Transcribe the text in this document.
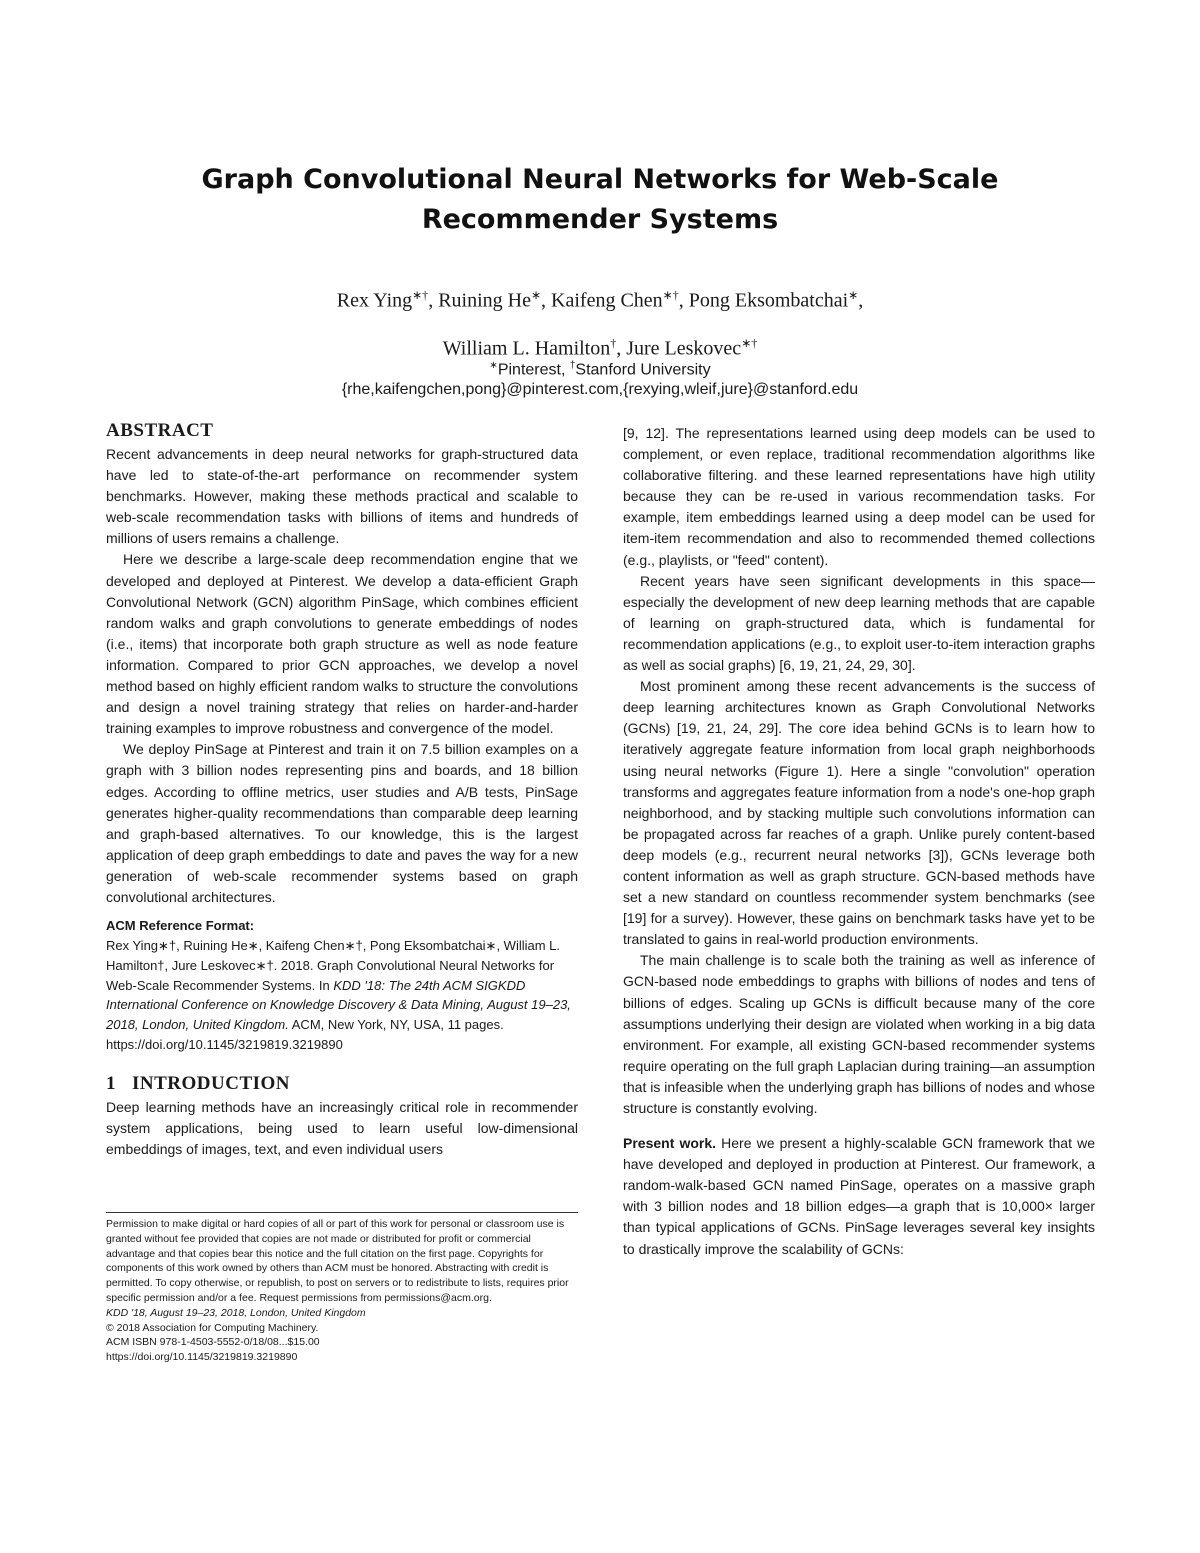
Graph Convolutional Neural Networks for Web-Scale Recommender Systems
Rex Ying∗†, Ruining He∗, Kaifeng Chen∗†, Pong Eksombatchai∗,
William L. Hamilton†, Jure Leskovec∗†
∗Pinterest, †Stanford University
{rhe,kaifengchen,pong}@pinterest.com,{rexying,wleif,jure}@stanford.edu

ABSTRACT

Recent advancements in deep neural networks for graph-structured data have led to state-of-the-art performance on recommender system benchmarks. However, making these methods practical and scalable to web-scale recommendation tasks with billions of items and hundreds of millions of users remains a challenge.

Here we describe a large-scale deep recommendation engine that we developed and deployed at Pinterest. We develop a data-efficient Graph Convolutional Network (GCN) algorithm PinSage, which combines efficient random walks and graph convolutions to generate embeddings of nodes (i.e., items) that incorporate both graph structure as well as node feature information. Compared to prior GCN approaches, we develop a novel method based on highly efficient random walks to structure the convolutions and design a novel training strategy that relies on harder-and-harder training examples to improve robustness and convergence of the model.

We deploy PinSage at Pinterest and train it on 7.5 billion examples on a graph with 3 billion nodes representing pins and boards, and 18 billion edges. According to offline metrics, user studies and A/B tests, PinSage generates higher-quality recommendations than comparable deep learning and graph-based alternatives. To our knowledge, this is the largest application of deep graph embeddings to date and paves the way for a new generation of web-scale recommender systems based on graph convolutional architectures.

ACM Reference Format:

Rex Ying∗†, Ruining He∗, Kaifeng Chen∗†, Pong Eksombatchai∗, William L. Hamilton†, Jure Leskovec∗†. 2018. Graph Convolutional Neural Networks for Web-Scale Recommender Systems. In KDD '18: The 24th ACM SIGKDD International Conference on Knowledge Discovery & Data Mining, August 19–23, 2018, London, United Kingdom. ACM, New York, NY, USA, 11 pages. https://doi.org/10.1145/3219819.3219890

1 INTRODUCTION

Deep learning methods have an increasingly critical role in recommender system applications, being used to learn useful low-dimensional embeddings of images, text, and even individual users

Permission to make digital or hard copies of all or part of this work for personal or classroom use is granted without fee provided that copies are not made or distributed for profit or commercial advantage and that copies bear this notice and the full citation on the first page. Copyrights for components of this work owned by others than ACM must be honored. Abstracting with credit is permitted. To copy otherwise, or republish, to post on servers or to redistribute to lists, requires prior specific permission and/or a fee. Request permissions from permissions@acm.org.

KDD '18, August 19–23, 2018, London, United Kingdom

© 2018 Association for Computing Machinery.

ACM ISBN 978-1-4503-5552-0/18/08...$15.00

https://doi.org/10.1145/3219819.3219890

[9, 12]. The representations learned using deep models can be used to complement, or even replace, traditional recommendation algorithms like collaborative filtering. and these learned representations have high utility because they can be re-used in various recommendation tasks. For example, item embeddings learned using a deep model can be used for item-item recommendation and also to recommended themed collections (e.g., playlists, or "feed" content).

Recent years have seen significant developments in this space—especially the development of new deep learning methods that are capable of learning on graph-structured data, which is fundamental for recommendation applications (e.g., to exploit user-to-item interaction graphs as well as social graphs) [6, 19, 21, 24, 29, 30].

Most prominent among these recent advancements is the success of deep learning architectures known as Graph Convolutional Networks (GCNs) [19, 21, 24, 29]. The core idea behind GCNs is to learn how to iteratively aggregate feature information from local graph neighborhoods using neural networks (Figure 1). Here a single "convolution" operation transforms and aggregates feature information from a node's one-hop graph neighborhood, and by stacking multiple such convolutions information can be propagated across far reaches of a graph. Unlike purely content-based deep models (e.g., recurrent neural networks [3]), GCNs leverage both content information as well as graph structure. GCN-based methods have set a new standard on countless recommender system benchmarks (see [19] for a survey). However, these gains on benchmark tasks have yet to be translated to gains in real-world production environments.

The main challenge is to scale both the training as well as inference of GCN-based node embeddings to graphs with billions of nodes and tens of billions of edges. Scaling up GCNs is difficult because many of the core assumptions underlying their design are violated when working in a big data environment. For example, all existing GCN-based recommender systems require operating on the full graph Laplacian during training—an assumption that is infeasible when the underlying graph has billions of nodes and whose structure is constantly evolving.

Present work. Here we present a highly-scalable GCN framework that we have developed and deployed in production at Pinterest. Our framework, a random-walk-based GCN named PinSage, operates on a massive graph with 3 billion nodes and 18 billion edges—a graph that is 10,000× larger than typical applications of GCNs. PinSage leverages several key insights to drastically improve the scalability of GCNs:
